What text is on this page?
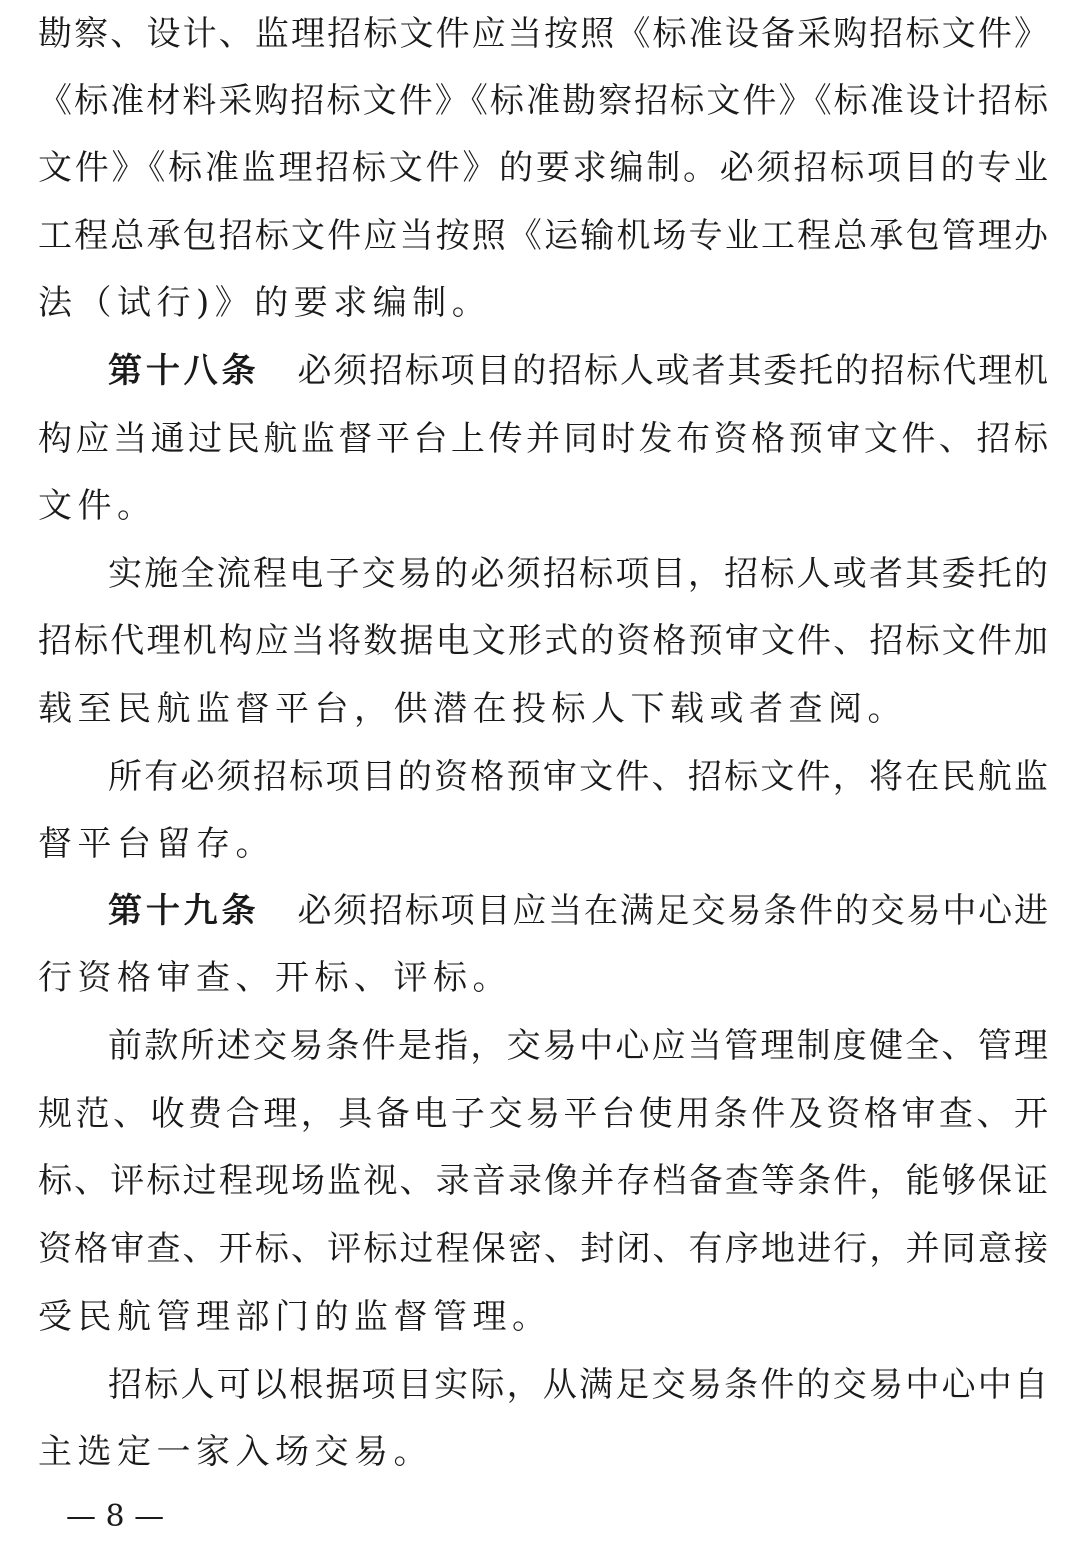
勘察、设计、监理招标文件应当按照《标准设备采购招标文件》
《标准材料采购招标文件》《标准勘察招标文件》《标准设计招标
文件》《标准监理招标文件》的要求编制。必须招标项目的专业
工程总承包招标文件应当按照《运输机场专业工程总承包管理办
法（试行)》的要求编制。
第十八条 必须招标项目的招标人或者其委托的招标代理机
构应当通过民航监督平台上传并同时发布资格预审文件、招标
文件。
实施全流程电子交易的必须招标项目，招标人或者其委托的
招标代理机构应当将数据电文形式的资格预审文件、招标文件加
载至民航监督平台，供潜在投标人下载或者查阅。
所有必须招标项目的资格预审文件、招标文件，将在民航监
督平台留存。
第十九条 必须招标项目应当在满足交易条件的交易中心进
行资格审查、开标、评标。
前款所述交易条件是指，交易中心应当管理制度健全、管理
规范、收费合理，具备电子交易平台使用条件及资格审查、开
标、评标过程现场监视、录音录像并存档备查等条件，能够保证
资格审查、开标、评标过程保密、封闭、有序地进行，并同意接
受民航管理部门的监督管理。
招标人可以根据项目实际，从满足交易条件的交易中心中自
主选定一家入场交易。
— 8 —
